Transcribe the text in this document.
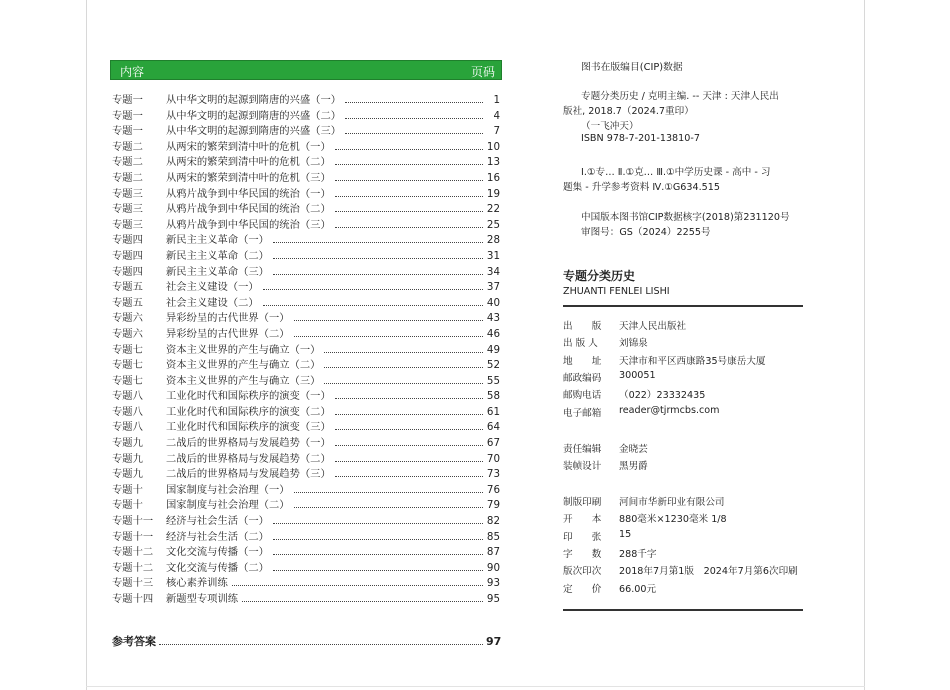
内容	页码
专题一	从中华文明的起源到隋唐的兴盛（一）	1
专题一	从中华文明的起源到隋唐的兴盛（二）	4
专题一	从中华文明的起源到隋唐的兴盛（三）	7
专题二	从两宋的繁荣到清中叶的危机（一）	10
专题二	从两宋的繁荣到清中叶的危机（二）	13
专题二	从两宋的繁荣到清中叶的危机（三）	16
专题三	从鸦片战争到中华民国的统治（一）	19
专题三	从鸦片战争到中华民国的统治（二）	22
专题三	从鸦片战争到中华民国的统治（三）	25
专题四	新民主主义革命（一）	28
专题四	新民主主义革命（二）	31
专题四	新民主主义革命（三）	34
专题五	社会主义建设（一）	37
专题五	社会主义建设（二）	40
专题六	异彩纷呈的古代世界（一）	43
专题六	异彩纷呈的古代世界（二）	46
专题七	资本主义世界的产生与确立（一）	49
专题七	资本主义世界的产生与确立（二）	52
专题七	资本主义世界的产生与确立（三）	55
专题八	工业化时代和国际秩序的演变（一）	58
专题八	工业化时代和国际秩序的演变（二）	61
专题八	工业化时代和国际秩序的演变（三）	64
专题九	二战后的世界格局与发展趋势（一）	67
专题九	二战后的世界格局与发展趋势（二）	70
专题九	二战后的世界格局与发展趋势（三）	73
专题十	国家制度与社会治理（一）	76
专题十	国家制度与社会治理（二）	79
专题十一	经济与社会生活（一）	82
专题十一	经济与社会生活（二）	85
专题十二	文化交流与传播（一）	87
专题十二	文化交流与传播（二）	90
专题十三	核心素养训练	93
专题十四	新题型专项训练	95
参考答案	97
图书在版编目(CIP)数据
专题分类历史 / 克明主编. -- 天津 : 天津人民出
版社, 2018.7（2024.7重印）
（一飞冲天）
ISBN 978-7-201-13810-7
Ⅰ.①专… Ⅱ.①克… Ⅲ.①中学历史课 - 高中 - 习
题集 - 升学参考资料 Ⅳ.①G634.515
中国版本图书馆CIP数据核字(2018)第231120号
审图号：GS（2024）2255号
专题分类历史
ZHUANTI FENLEI LISHI
出　　版	天津人民出版社
出 版 人	刘锦泉
地　　址	天津市和平区西康路35号康岳大厦
邮政编码	300051
邮购电话	（022）23332435
电子邮箱	reader@tjrmcbs.com
责任编辑	金晓芸
装帧设计	黑男爵
制版印刷	河间市华新印业有限公司
开　　本	880毫米×1230毫米 1/8
印　　张	15
字　　数	288千字
版次印次	2018年7月第1版　2024年7月第6次印刷
定　　价	66.00元
